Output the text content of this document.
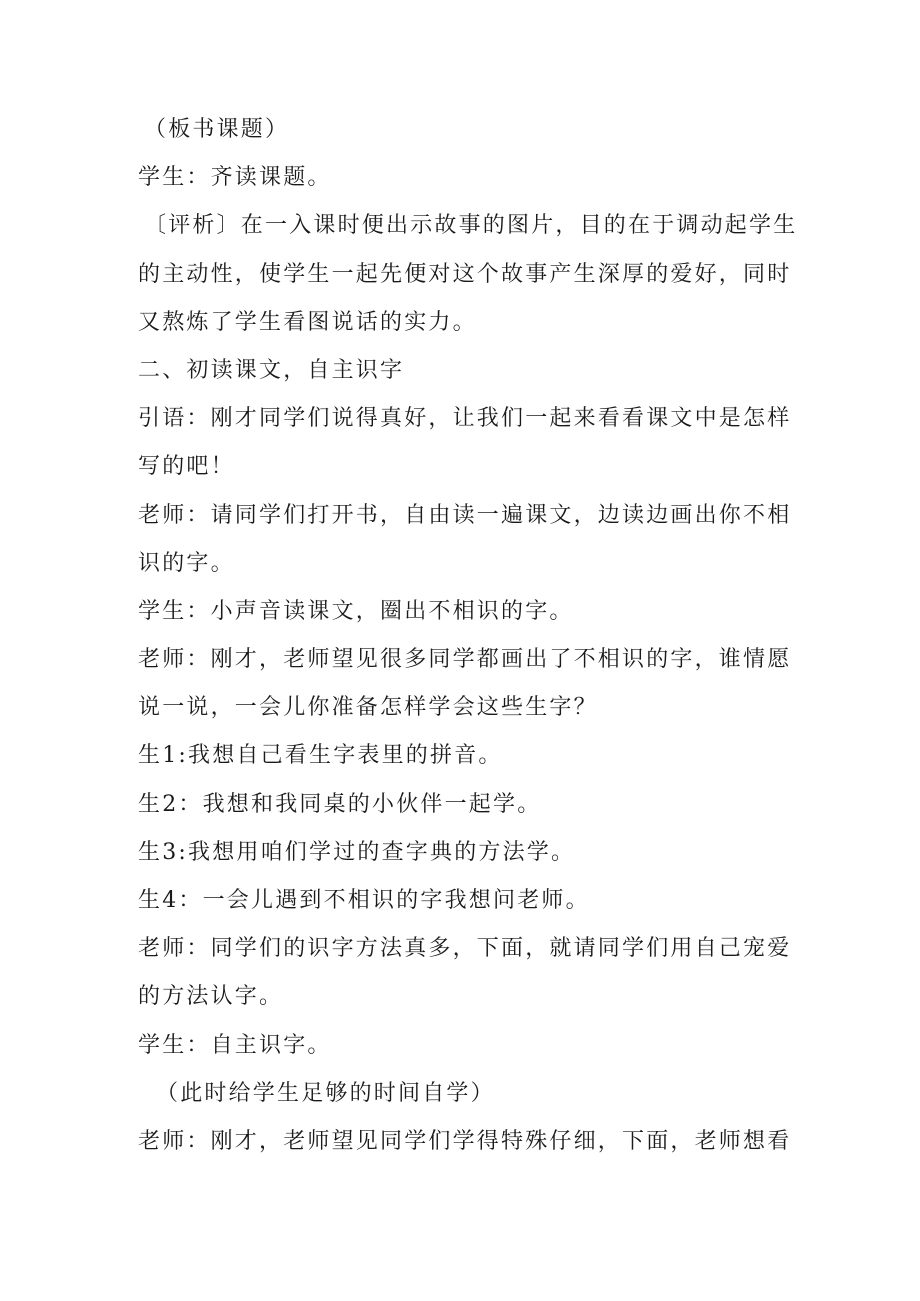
（板书课题）

学生：齐读课题。

〔评析〕在一入课时便出示故事的图片，目的在于调动起学生

的主动性，使学生一起先便对这个故事产生深厚的爱好，同时

又熬炼了学生看图说话的实力。

二、初读课文，自主识字

引语：刚才同学们说得真好，让我们一起来看看课文中是怎样

写的吧！

老师：请同学们打开书，自由读一遍课文，边读边画出你不相

识的字。

学生：小声音读课文，圈出不相识的字。

老师：刚才，老师望见很多同学都画出了不相识的字，谁情愿

说一说，一会儿你准备怎样学会这些生字？

生1:我想自己看生字表里的拼音。

生2：我想和我同桌的小伙伴一起学。

生3:我想用咱们学过的查字典的方法学。

生4：一会儿遇到不相识的字我想问老师。

老师：同学们的识字方法真多，下面，就请同学们用自己宠爱

的方法认字。

学生：自主识字。

（此时给学生足够的时间自学）

老师：刚才，老师望见同学们学得特殊仔细，下面，老师想看
